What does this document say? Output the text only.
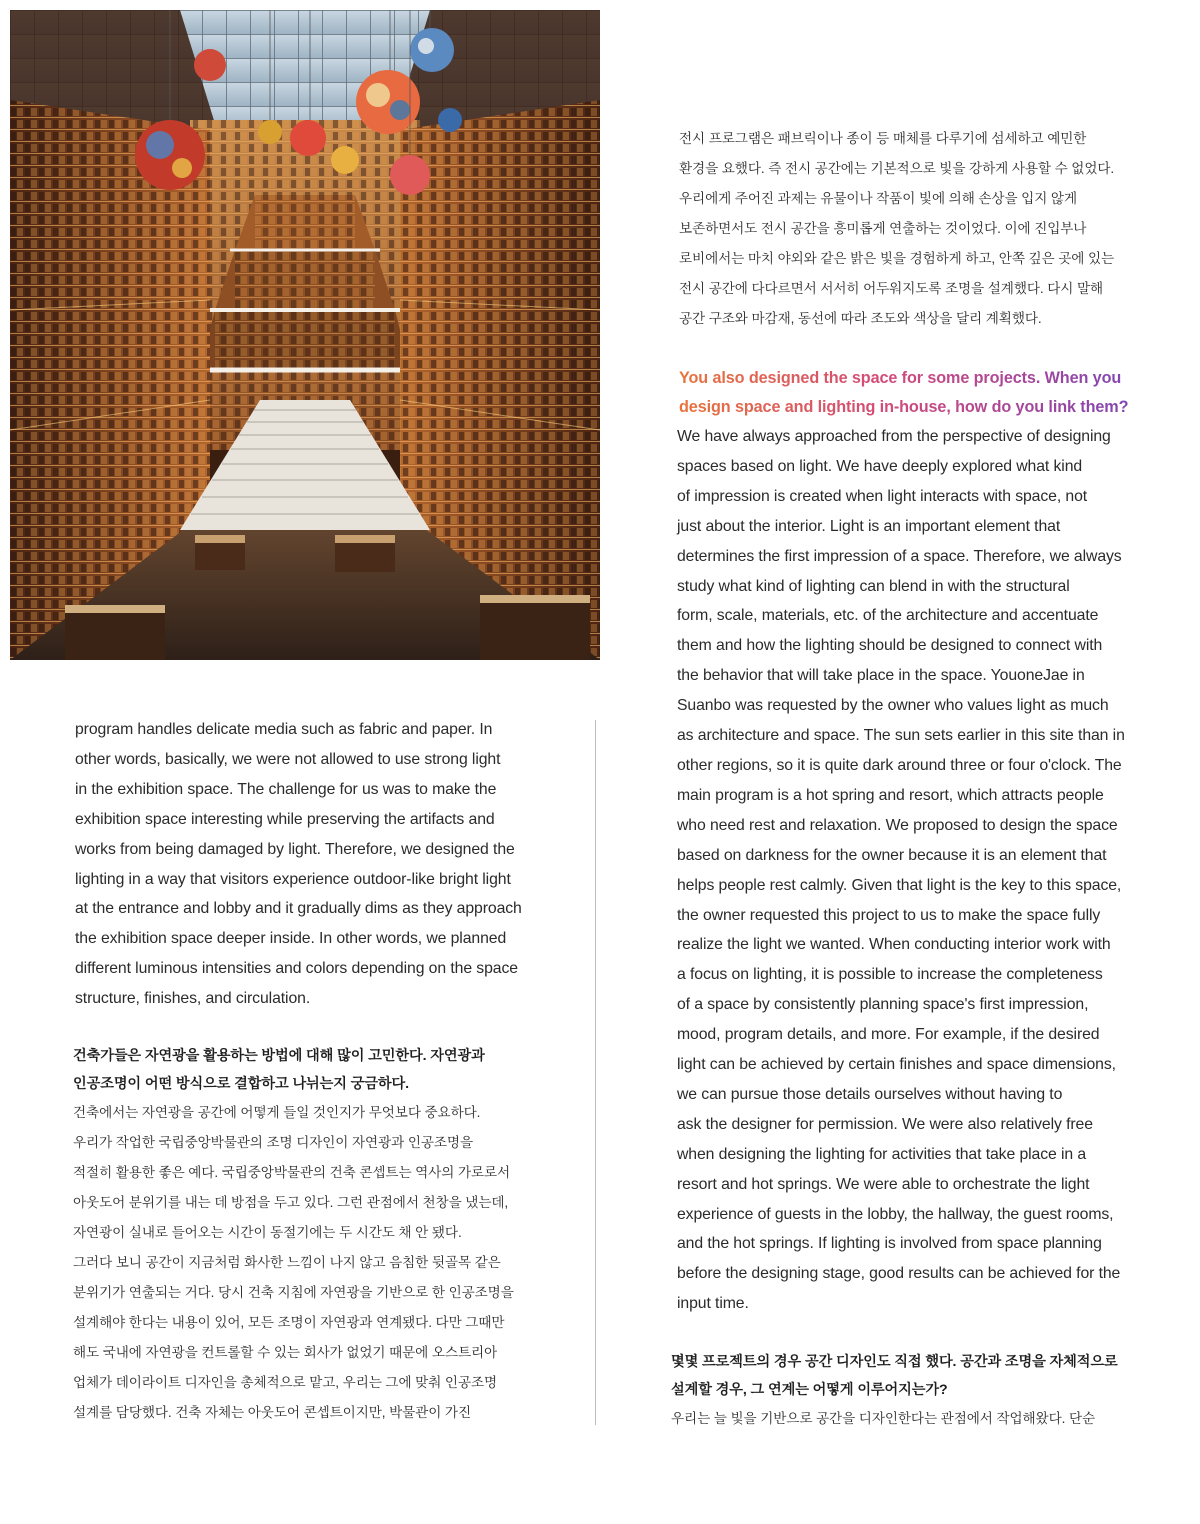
전시 프로그램은 패브릭이나 종이 등 매체를 다루기에 섬세하고 예민한
환경을 요했다. 즉 전시 공간에는 기본적으로 빛을 강하게 사용할 수 없었다.
우리에게 주어진 과제는 유물이나 작품이 빛에 의해 손상을 입지 않게
보존하면서도 전시 공간을 흥미롭게 연출하는 것이었다. 이에 진입부나
로비에서는 마치 야외와 같은 밝은 빛을 경험하게 하고, 안쪽 깊은 곳에 있는
전시 공간에 다다르면서 서서히 어두워지도록 조명을 설계했다. 다시 말해
공간 구조와 마감재, 동선에 따라 조도와 색상을 달리 계획했다.
You also designed the space for some projects. When you
design space and lighting in-house, how do you link them?
We have always approached from the perspective of designing
spaces based on light. We have deeply explored what kind
of impression is created when light interacts with space, not
just about the interior. Light is an important element that
determines the first impression of a space. Therefore, we always
study what kind of lighting can blend in with the structural
form, scale, materials, etc. of the architecture and accentuate
them and how the lighting should be designed to connect with
the behavior that will take place in the space. YouoneJae in
Suanbo was requested by the owner who values light as much
as architecture and space. The sun sets earlier in this site than in
other regions, so it is quite dark around three or four o'clock. The
main program is a hot spring and resort, which attracts people
who need rest and relaxation. We proposed to design the space
based on darkness for the owner because it is an element that
helps people rest calmly. Given that light is the key to this space,
the owner requested this project to us to make the space fully
realize the light we wanted. When conducting interior work with
a focus on lighting, it is possible to increase the completeness
of a space by consistently planning space's first impression,
mood, program details, and more. For example, if the desired
light can be achieved by certain finishes and space dimensions,
we can pursue those details ourselves without having to
ask the designer for permission. We were also relatively free
when designing the lighting for activities that take place in a
resort and hot springs. We were able to orchestrate the light
experience of guests in the lobby, the hallway, the guest rooms,
and the hot springs. If lighting is involved from space planning
before the designing stage, good results can be achieved for the
input time.
몇몇 프로젝트의 경우 공간 디자인도 직접 했다. 공간과 조명을 자체적으로
설계할 경우, 그 연계는 어떻게 이루어지는가?
우리는 늘 빛을 기반으로 공간을 디자인한다는 관점에서 작업해왔다. 단순
program handles delicate media such as fabric and paper. In
other words, basically, we were not allowed to use strong light
in the exhibition space. The challenge for us was to make the
exhibition space interesting while preserving the artifacts and
works from being damaged by light. Therefore, we designed the
lighting in a way that visitors experience outdoor-like bright light
at the entrance and lobby and it gradually dims as they approach
the exhibition space deeper inside. In other words, we planned
different luminous intensities and colors depending on the space
structure, finishes, and circulation.
건축가들은 자연광을 활용하는 방법에 대해 많이 고민한다. 자연광과
인공조명이 어떤 방식으로 결합하고 나뉘는지 궁금하다.
건축에서는 자연광을 공간에 어떻게 들일 것인지가 무엇보다 중요하다.
우리가 작업한 국립중앙박물관의 조명 디자인이 자연광과 인공조명을
적절히 활용한 좋은 예다. 국립중앙박물관의 건축 콘셉트는 역사의 가로로서
아웃도어 분위기를 내는 데 방점을 두고 있다. 그런 관점에서 천창을 냈는데,
자연광이 실내로 들어오는 시간이 동절기에는 두 시간도 채 안 됐다.
그러다 보니 공간이 지금처럼 화사한 느낌이 나지 않고 음침한 뒷골목 같은
분위기가 연출되는 거다. 당시 건축 지침에 자연광을 기반으로 한 인공조명을
설계해야 한다는 내용이 있어, 모든 조명이 자연광과 연계됐다. 다만 그때만
해도 국내에 자연광을 컨트롤할 수 있는 회사가 없었기 때문에 오스트리아
업체가 데이라이트 디자인을 총체적으로 맡고, 우리는 그에 맞춰 인공조명
설계를 담당했다. 건축 자체는 아웃도어 콘셉트이지만, 박물관이 가진
